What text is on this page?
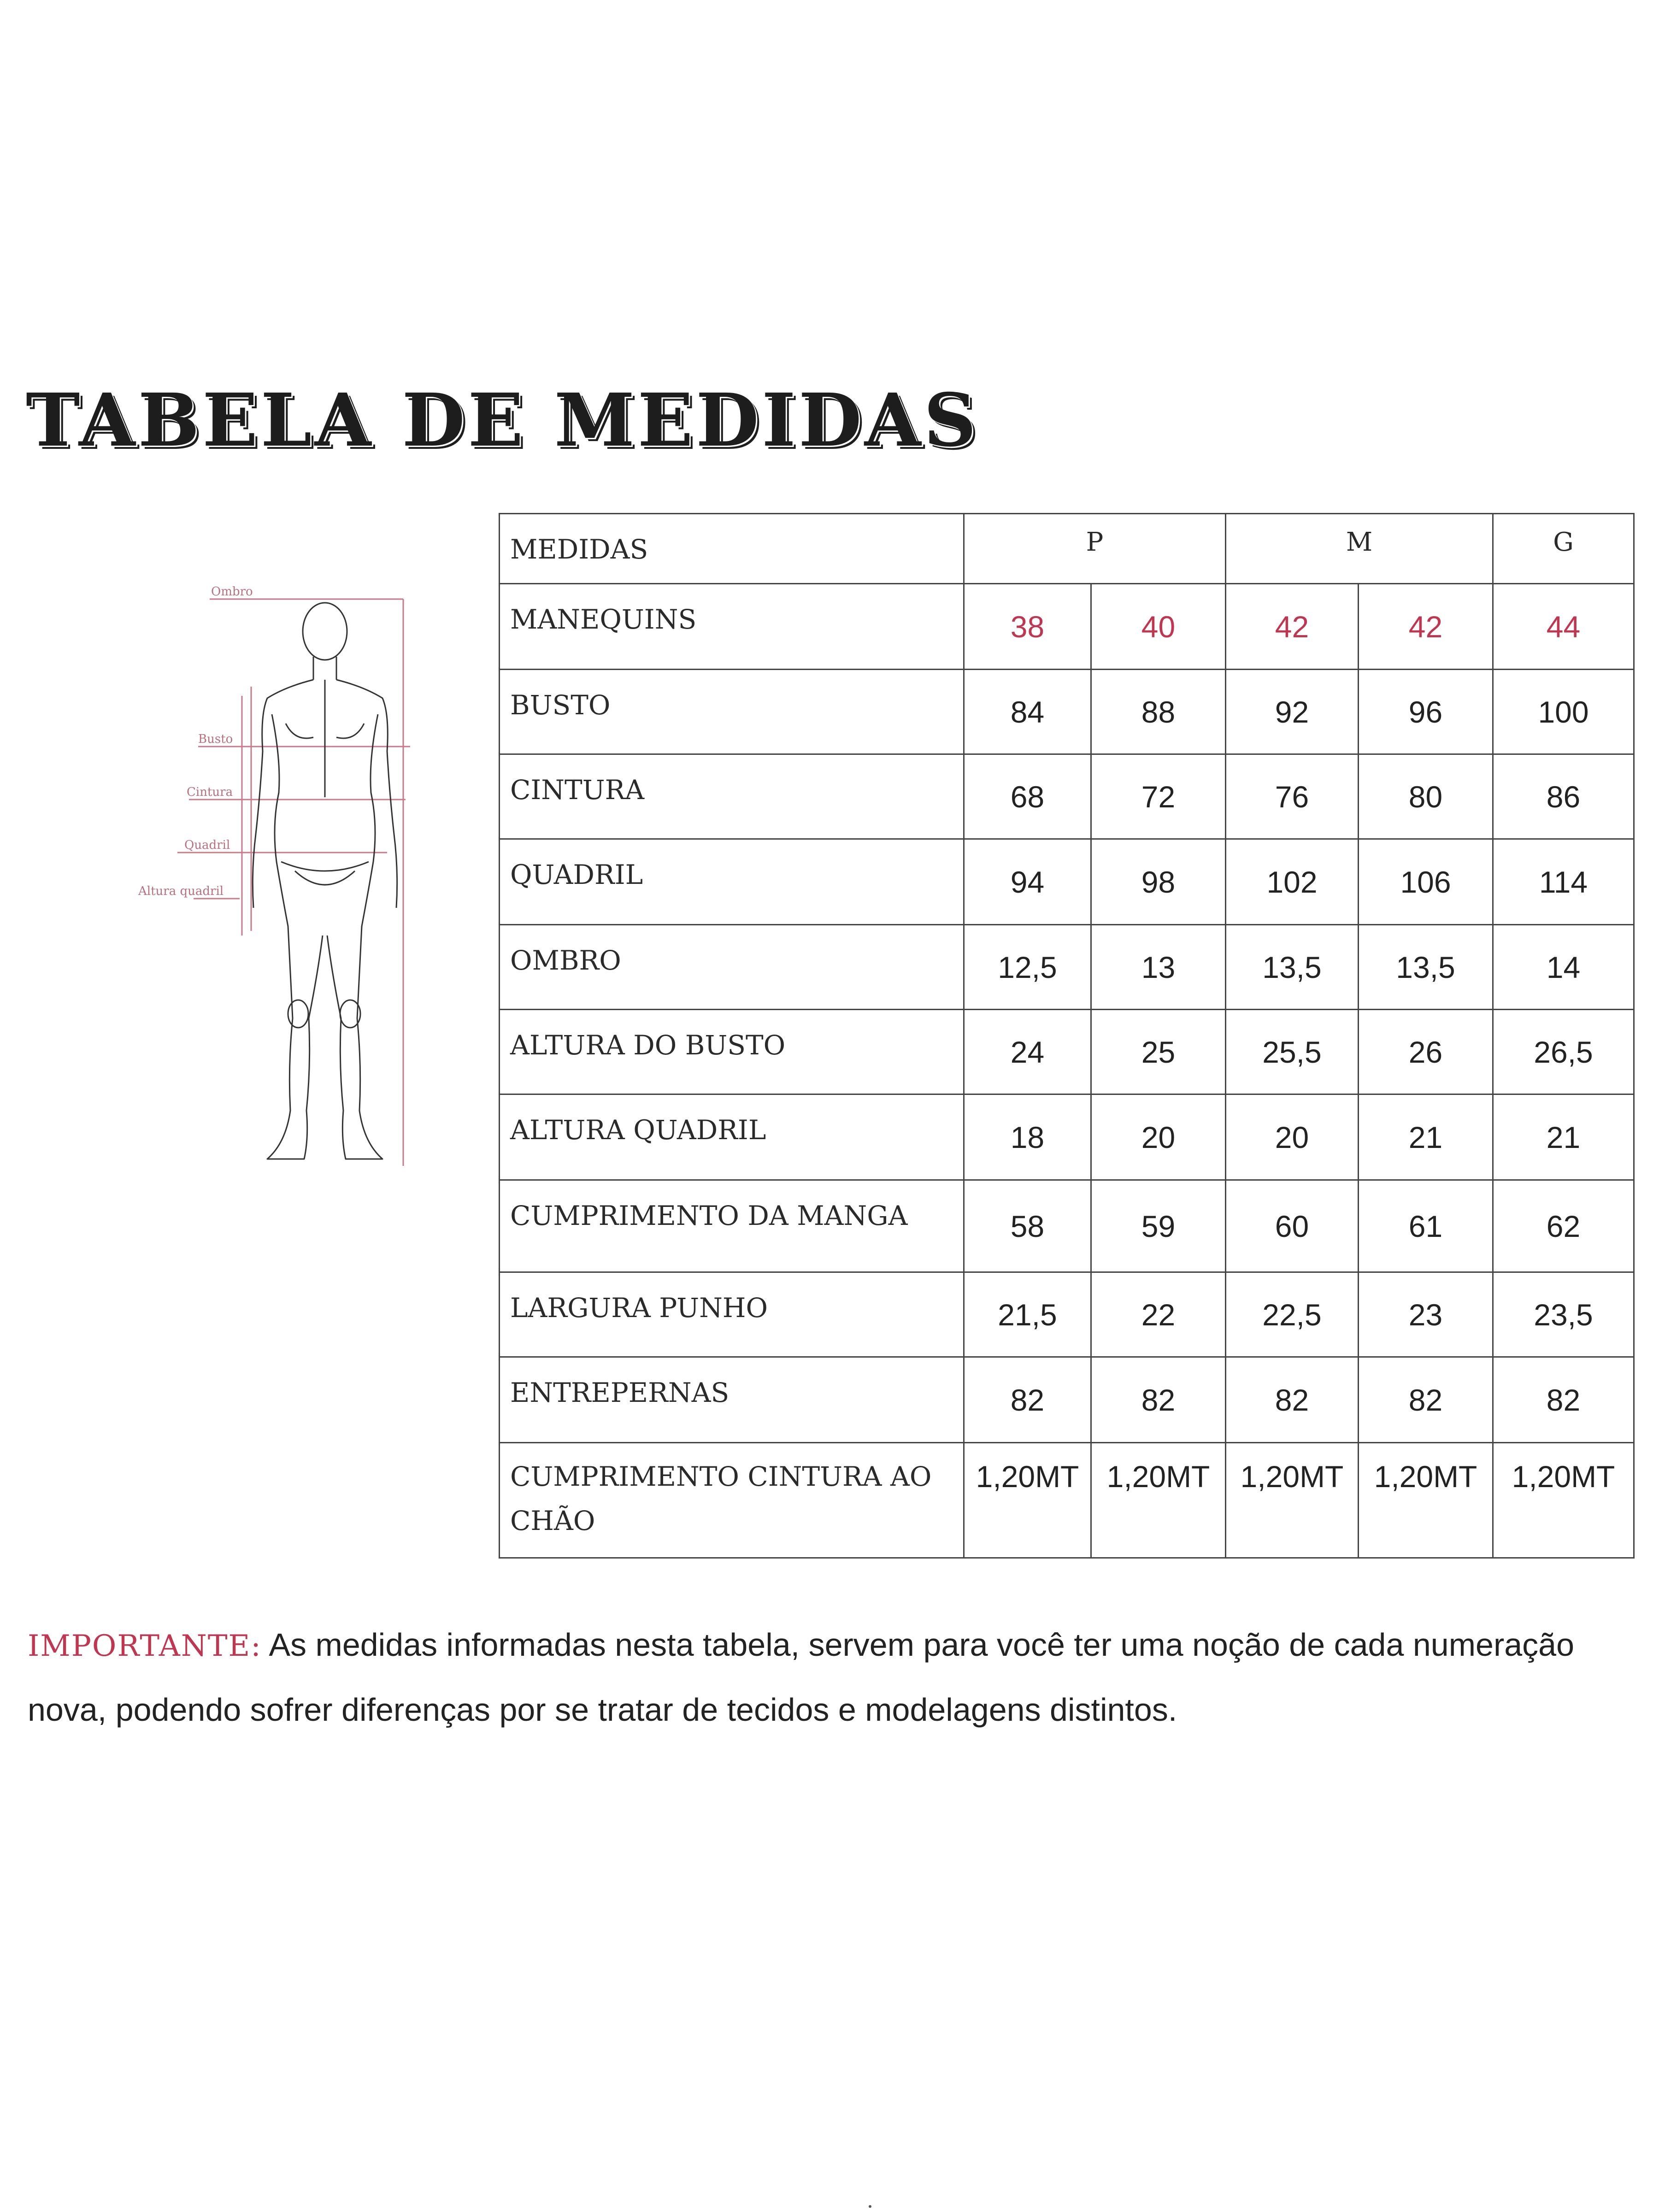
TABELA DE MEDIDAS
Ombro
Busto
Cintura
Quadril
Altura quadril
MEDIDAS	P		M		G
MANEQUINS	38	40	42	42	44
BUSTO	84	88	92	96	100
CINTURA	68	72	76	80	86
QUADRIL	94	98	102	106	114
OMBRO	12,5	13	13,5	13,5	14
ALTURA DO BUSTO	24	25	25,5	26	26,5
ALTURA QUADRIL	18	20	20	21	21
CUMPRIMENTO DA MANGA	58	59	60	61	62
LARGURA PUNHO	21,5	22	22,5	23	23,5
ENTREPERNAS	82	82	82	82	82
CUMPRIMENTO CINTURA AO CHÃO	1,20MT	1,20MT	1,20MT	1,20MT	1,20MT
IMPORTANTE: As medidas informadas nesta tabela, servem para você ter uma noção de cada numeração nova, podendo sofrer diferenças por se tratar de tecidos e modelagens distintos.
